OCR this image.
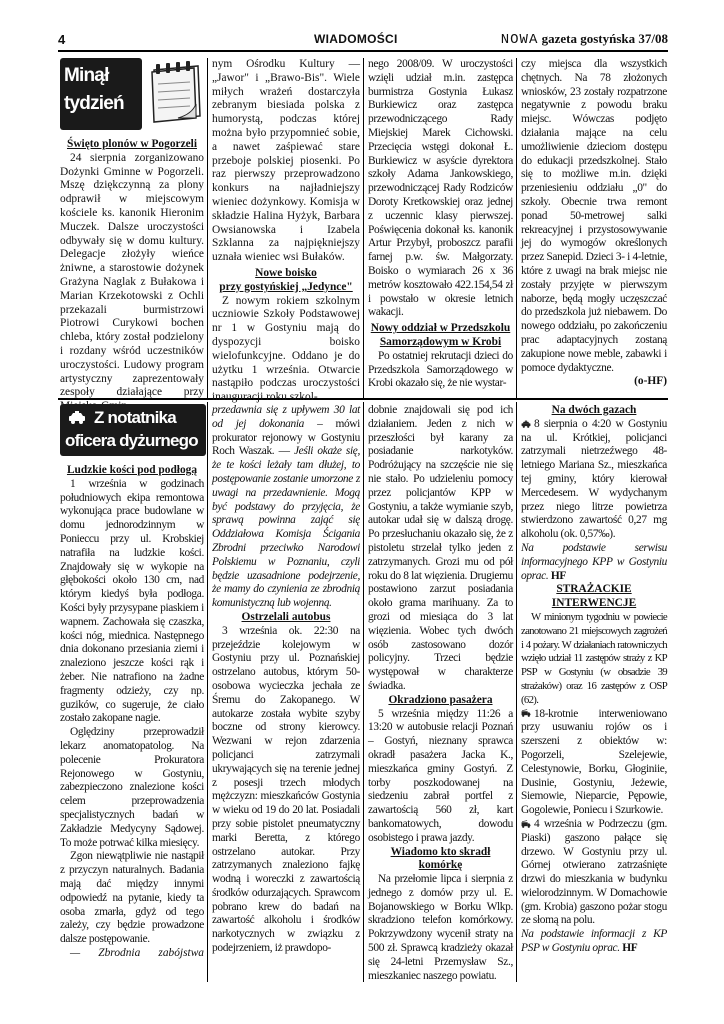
4	WIADOMOŚCI	NOWA gazeta gostyńska 37/08
Minął
tydzień

Święto plonów w Pogorzeli

24 sierpnia zorganizowano Dożynki Gminne w Pogorzeli. Mszę dziękczynną za plony odprawił w miejscowym kościele ks. kanonik Hieronim Muczek. Dalsze uroczystości odbywały się w domu kultury. Delegacje złożyły wieńce żniwne, a starostowie dożynek Grażyna Naglak z Bułakowa i Marian Krzekotowski z Ochli przekazali burmistrzowi Piotrowi Curykowi bochen chleba, który został podzielony i rozdany wśród uczestników uroczystości. Ludowy program artystyczny zaprezentowały zespoły działające przy

nym Ośrodku Kultury — „Jawor" i „Brawo-Bis". Wiele miłych wrażeń dostarczyła zebranym biesiada polska z humorystą, podczas której można było przypomnieć sobie, a nawet zaśpiewać stare przeboje polskiej piosenki. Po raz pierwszy przeprowadzono konkurs na najładniejszy wieniec dożynkowy. Komisja w składzie Halina Hyżyk, Barbara Owsianowska i Izabela Szklanna za najpiękniejszy uznała wieniec wsi Bułaków.

Nowe boisko

przy gostyńskiej „Jedynce"

Z nowym rokiem szkolnym uczniowie Szkoły Podstawowej nr 1 w Gostyniu mają do dyspozycji boisko wielofunkcyjne. Oddano je do użytku 1 września. Otwarcie nastąpiło podczas uroczystości inauguracji roku szkol-

nego 2008/09. W uroczystości wzięli udział m.in. zastępca burmistrza Gostynia Łukasz Burkiewicz oraz zastępca przewodniczącego Rady Miejskiej Marek Cichowski. Przecięcia wstęgi dokonał Ł. Burkiewicz w asyście dyrektora szkoły Adama Jankowskiego, przewodniczącej Rady Rodziców Doroty Kretkowskiej oraz jednej z uczennic klasy pierwszej. Poświęcenia dokonał ks. kanonik Artur Przybył, proboszcz parafii farnej p.w. św. Małgorzaty. Boisko o wymiarach 26 x 36 metrów kosztowało 422.154,54 zł i powstało w okresie letnich wakacji.

Nowy oddział w Przedszkolu

Samorządowym w Krobi

Po ostatniej rekrutacji dzieci do Przedszkola Samorządowego w Krobi okazało się, że nie wystar-

czy miejsca dla wszystkich chętnych. Na 78 złożonych wniosków, 23 zostały rozpatrzone negatywnie z powodu braku miejsc. Wówczas podjęto działania mające na celu umożliwienie dzieciom dostępu do edukacji przedszkolnej. Stało się to możliwe m.in. dzięki przeniesieniu oddziału „0" do szkoły. Obecnie trwa remont ponad 50-metrowej salki rekreacyjnej i przystosowywanie jej do wymogów określonych przez Sanepid. Dzieci 3- i 4-letnie, które z uwagi na brak miejsc nie zostały przyjęte w pierwszym naborze, będą mogły uczęszczać do przedszkola już niebawem. Do nowego oddziału, po zakończeniu prac adaptacyjnych zostaną zakupione nowe meble, zabawki i pomoce dydaktyczne.

(o-HF)

Z notatnika
oficera dyżurnego

Ludzkie kości pod podłogą

1 września w godzinach południowych ekipa remontowa wykonująca prace budowlane w domu jednorodzinnym w Ponieccu przy ul. Krobskiej natrafiła na ludzkie kości. Znajdowały się w wykopie na głębokości około 130 cm, nad którym kiedyś była podłoga. Kości były przysypane piaskiem i wapnem. Zachowała się czaszka, kości nóg, miednica. Następnego dnia dokonano przesiania ziemi i znaleziono jeszcze kości rąk i żeber. Nie natrafiono na żadne fragmenty odzieży, czy np. guzików, co sugeruje, że ciało zostało zakopane nagie.

Oględziny przeprowadził lekarz anomatopatolog. Na polecenie Prokuratora Rejonowego w Gostyniu, zabezpieczono znalezione kości celem przeprowadzenia specjalistycznych badań w Zakładzie Medycyny Sądowej. To może potrwać kilka miesięcy.

Zgon niewątpliwie nie nastąpił z przyczyn naturalnych. Badania mają dać między innymi odpowiedź na pytanie, kiedy ta osoba zmarła, gdyż od tego zależy, czy będzie prowadzone dalsze postępowanie.

— Zbrodnia zabójstwa

przedawnia się z upływem 30 lat od jej dokonania – mówi prokurator rejonowy w Gostyniu Roch Waszak. — Jeśli okaże się, że te kości leżały tam dłużej, to postępowanie zostanie umorzone z uwagi na przedawnienie. Mogą być podstawy do przyjęcia, że sprawą powinna zająć się Oddziałowa Komisja Ścigania Zbrodni przeciwko Narodowi Polskiemu w Poznaniu, czyli będzie uzasadnione podejrzenie, że mamy do czynienia ze zbrodnią komunistyczną lub wojenną.

Ostrzelali autobus

3 września ok. 22:30 na przejeździe kolejowym w Gostyniu przy ul. Poznańskiej ostrzelano autobus, którym 50-osobowa wycieczka jechała ze Śremu do Zakopanego. W autokarze została wybite szyby boczne od strony kierowcy. Wezwani w rejon zdarzenia policjanci zatrzymali ukrywających się na terenie jednej z posesji trzech młodych mężczyzn: mieszkańców Gostynia w wieku od 19 do 20 lat. Posiadali przy sobie pistolet pneumatyczny marki Beretta, z którego ostrzelano autokar. Przy zatrzymanych znaleziono fajkę wodną i woreczki z zawartością środków odurzających. Sprawcom pobrano krew do badań na zawartość alkoholu i środków narkotycznych w związku z podejrzeniem, iż prawdopo-

dobnie znajdowali się pod ich działaniem. Jeden z nich w przeszłości był karany za posiadanie narkotyków. Podróżujący na szczęście nie się nie stało. Po udzieleniu pomocy przez policjantów KPP w Gostyniu, a także wymianie szyb, autokar udał się w dalszą drogę. Po przesłuchaniu okazało się, że z pistoletu strzelał tylko jeden z zatrzymanych. Grozi mu od pół roku do 8 lat więzienia. Drugiemu postawiono zarzut posiadania około grama marihuany. Za to grozi od miesiąca do 3 lat więzienia. Wobec tych dwóch osób zastosowano dozór policyjny. Trzeci będzie występował w charakterze świadka.

Okradziono pasażera

5 września między 11:26 a 13:20 w autobusie relacji Poznań – Gostyń, nieznany sprawca okradł pasażera Jacka K., mieszkańca gminy Gostyń. Z torby poszkodowanej na siedzeniu zabrał portfel z zawartością 560 zł, kart bankomatowych, dowodu osobistego i prawa jazdy.

Wiadomo kto skradł komórkę

Na przełomie lipca i sierpnia z jednego z domów przy ul. E. Bojanowskiego w Borku Wlkp. skradziono telefon komórkowy. Pokrzywdzony wycenił straty na 500 zł. Sprawcą kradzieży okazał się 24-letni Przemysław Sz., mieszkaniec naszego powiatu.

Na dwóch gazach

8 sierpnia o 4:20 w Gostyniu na ul. Krótkiej, policjanci zatrzymali nietrzeźwego 48-letniego Mariana Sz., mieszkańca tej gminy, który kierował Mercedesem. W wydychanym przez niego litrze powietrza stwierdzono zawartość 0,27 mg alkoholu (ok. 0,57‰).

Na podstawie serwisu informacyjnego KPP w Gostyniu oprac. HF

STRAŻACKIE INTERWENCJE

W minionym tygodniu w powiecie zanotowano 21 miejscowych zagrożeń i 4 pożary. W działaniach ratowniczych wzięło udział 11 zastępów straży z KP PSP w Gostyniu (w obsadzie 39 strażaków) oraz 16 zastępów z OSP (62).

18-krotnie interweniowano przy usuwaniu rojów os i szerszeni z obiektów w: Pogorzeli, Szelejewie, Celestynowie, Borku, Głoginiie, Dusinie, Gostyniu, Jeżewie, Siemowie, Nieparcie, Pępowie, Gogolewie, Poniecu i Szurkowie.

4 września w Podrzeczu (gm. Piaski) gaszono pałące się drzewo. W Gostyniu przy ul. Górnej otwierano zatrzaśnięte drzwi do mieszkania w budynku wielorodzinnym. W Domachowie (gm. Krobia) gaszono pożar stogu ze słomą na polu.

Na podstawie informacji z KP PSP w Gostyniu oprac. HF
